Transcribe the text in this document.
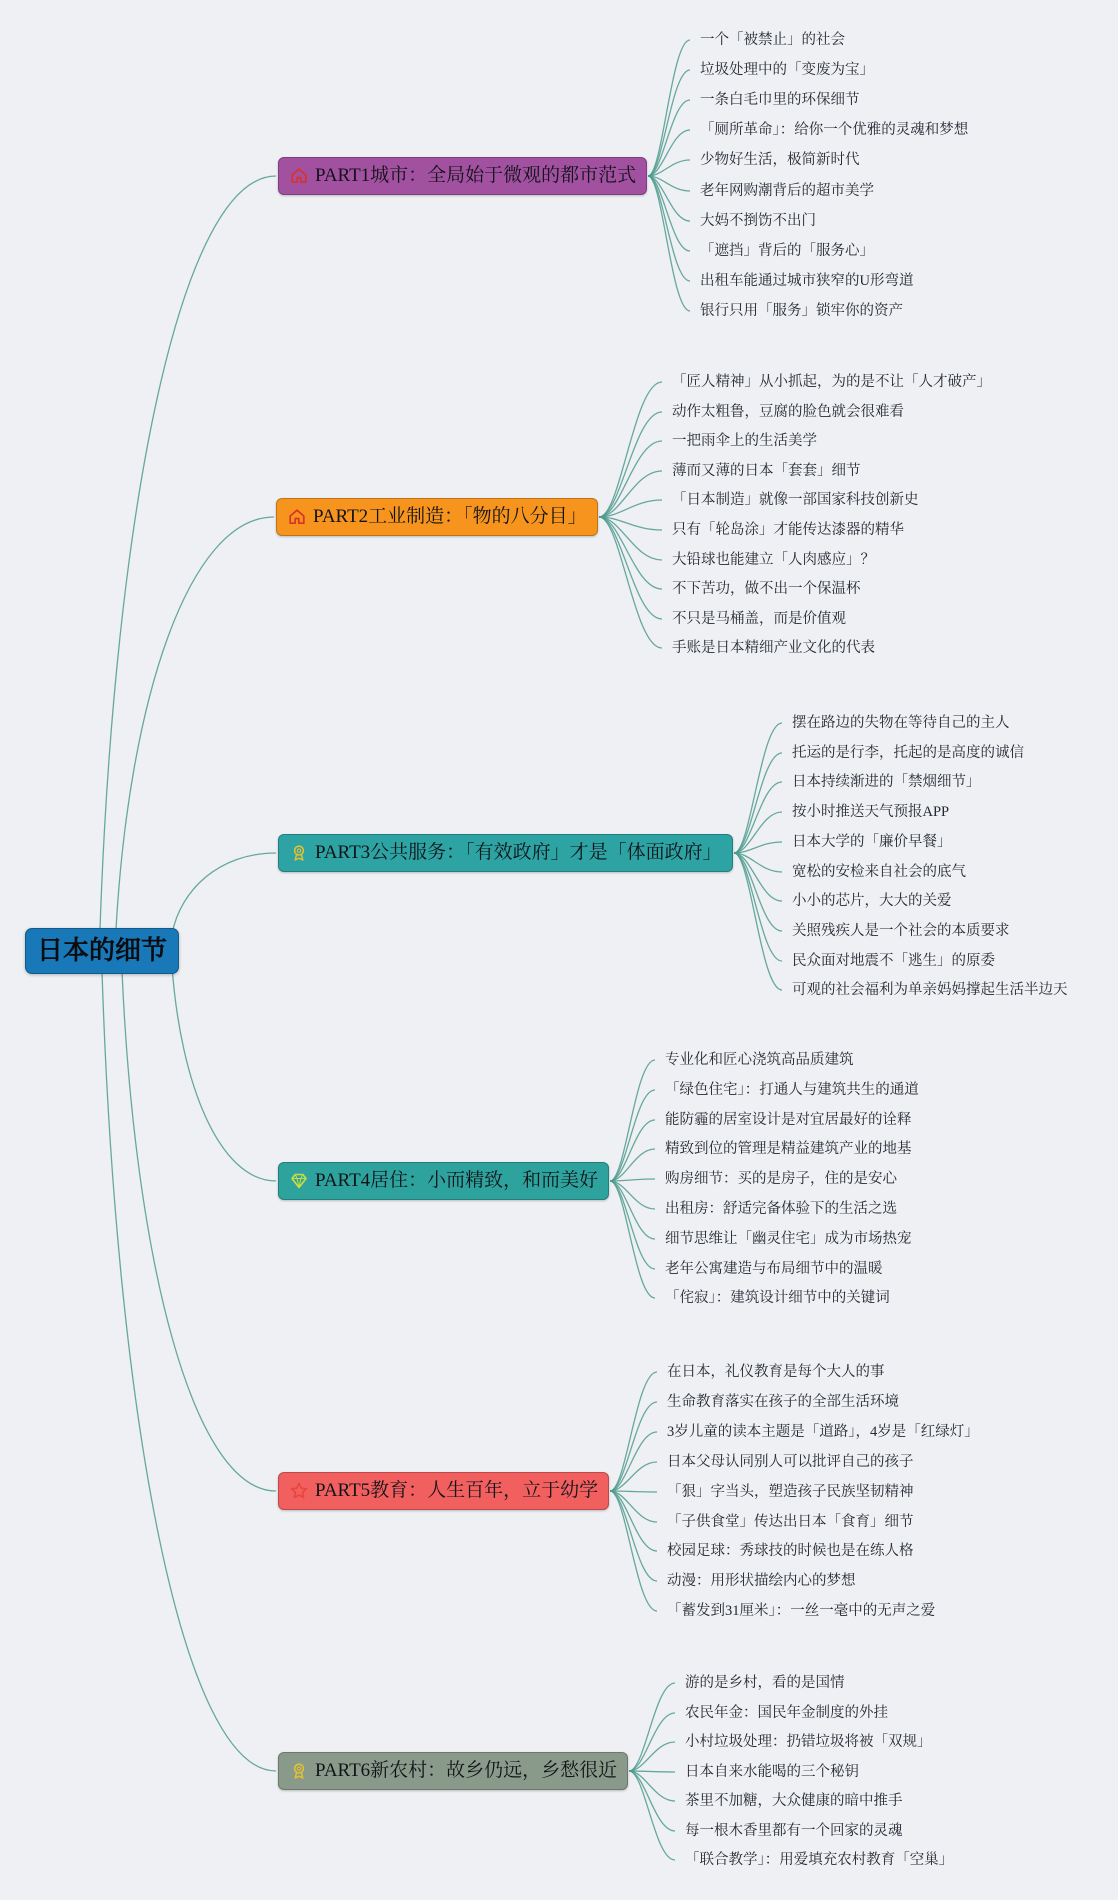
日本的细节
PART1城市：全局始于微观的都市范式
一个「被禁止」的社会
垃圾处理中的「变废为宝」
一条白毛巾里的环保细节
「厕所革命」：给你一个优雅的灵魂和梦想
少物好生活，极简新时代
老年网购潮背后的超市美学
大妈不捯饬不出门
「遮挡」背后的「服务心」
出租车能通过城市狭窄的U形弯道
银行只用「服务」锁牢你的资产
PART2工业制造：「物的八分目」
「匠人精神」从小抓起，为的是不让「人才破产」
动作太粗鲁，豆腐的脸色就会很难看
一把雨伞上的生活美学
薄而又薄的日本「套套」细节
「日本制造」就像一部国家科技创新史
只有「轮岛涂」才能传达漆器的精华
大铅球也能建立「人肉感应」？
不下苦功，做不出一个保温杯
不只是马桶盖，而是价值观
手账是日本精细产业文化的代表
PART3公共服务：「有效政府」才是「体面政府」
摆在路边的失物在等待自己的主人
托运的是行李，托起的是高度的诚信
日本持续渐进的「禁烟细节」
按小时推送天气预报APP
日本大学的「廉价早餐」
宽松的安检来自社会的底气
小小的芯片，大大的关爱
关照残疾人是一个社会的本质要求
民众面对地震不「逃生」的原委
可观的社会福利为单亲妈妈撑起生活半边天
PART4居住：小而精致，和而美好
专业化和匠心浇筑高品质建筑
「绿色住宅」：打通人与建筑共生的通道
能防霾的居室设计是对宜居最好的诠释
精致到位的管理是精益建筑产业的地基
购房细节：买的是房子，住的是安心
出租房：舒适完备体验下的生活之选
细节思维让「幽灵住宅」成为市场热宠
老年公寓建造与布局细节中的温暖
「侘寂」：建筑设计细节中的关键词
PART5教育：人生百年，立于幼学
在日本，礼仪教育是每个大人的事
生命教育落实在孩子的全部生活环境
3岁儿童的读本主题是「道路」，4岁是「红绿灯」
日本父母认同别人可以批评自己的孩子
「狠」字当头，塑造孩子民族坚韧精神
「子供食堂」传达出日本「食育」细节
校园足球：秀球技的时候也是在练人格
动漫：用形状描绘内心的梦想
「蓄发到31厘米」：一丝一毫中的无声之爱
PART6新农村：故乡仍远，乡愁很近
游的是乡村，看的是国情
农民年金：国民年金制度的外挂
小村垃圾处理：扔错垃圾将被「双规」
日本自来水能喝的三个秘钥
茶里不加糖，大众健康的暗中推手
每一根木香里都有一个回家的灵魂
「联合教学」：用爱填充农村教育「空巢」
